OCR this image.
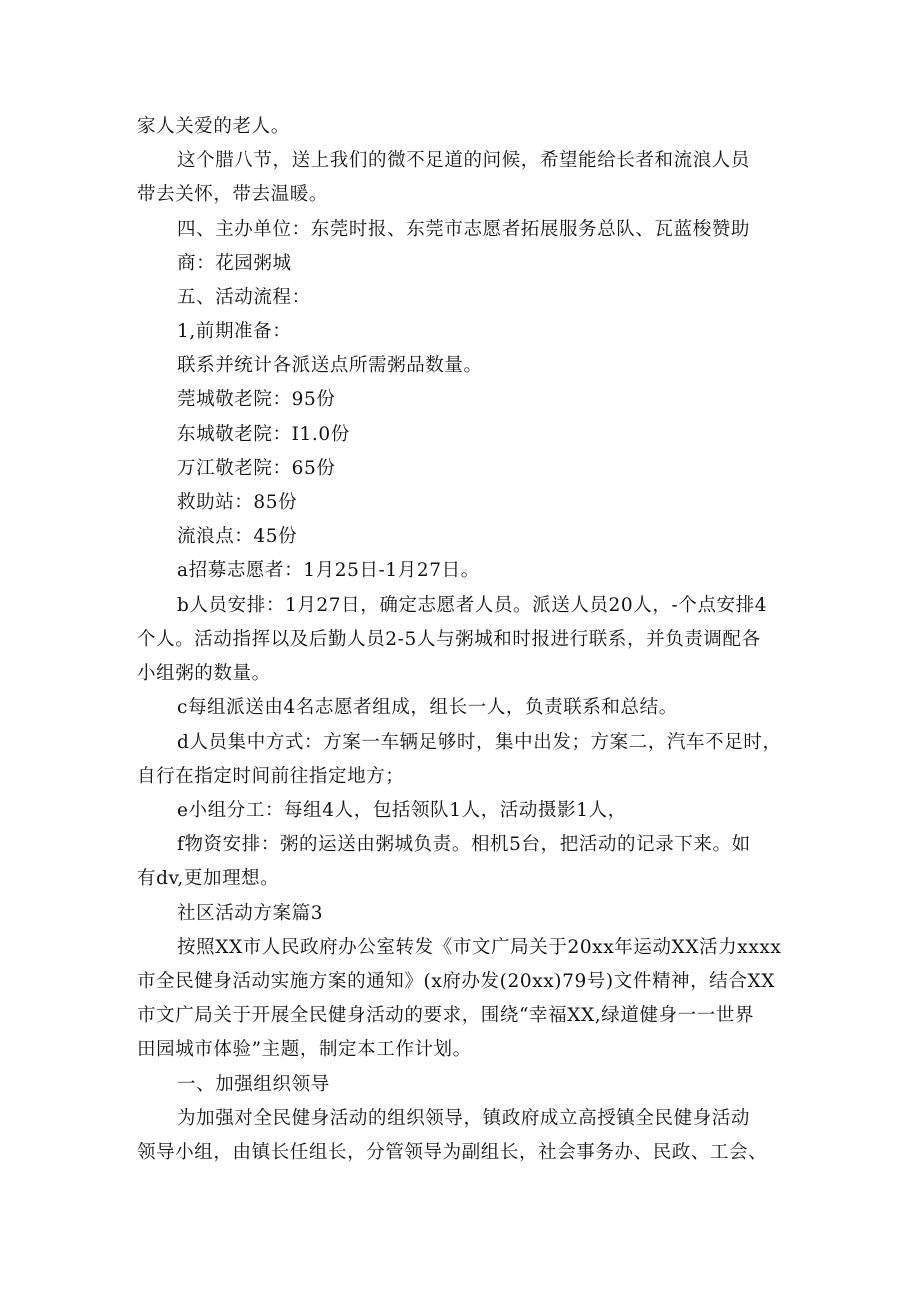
家人关爱的老人。
这个腊八节，送上我们的微不足道的问候，希望能给长者和流浪人员
带去关怀，带去温暖。
四、主办单位：东莞时报、东莞市志愿者拓展服务总队、瓦蓝梭赞助
商：花园粥城
五、活动流程：
1,前期准备：
联系并统计各派送点所需粥品数量。
莞城敬老院：95份
东城敬老院：I1.0份
万江敬老院：65份
救助站：85份
流浪点：45份
a招募志愿者：1月25日-1月27日。
b人员安排：1月27日，确定志愿者人员。派送人员20人，-个点安排4
个人。活动指挥以及后勤人员2-5人与粥城和时报进行联系，并负责调配各
小组粥的数量。
c每组派送由4名志愿者组成，组长一人，负责联系和总结。
d人员集中方式：方案一车辆足够时，集中出发；方案二，汽车不足时，
自行在指定时间前往指定地方；
e小组分工：每组4人，包括领队1人，活动摄影1人，
f物资安排：粥的运送由粥城负责。相机5台，把活动的记录下来。如
有dv,更加理想。
社区活动方案篇3
按照XX市人民政府办公室转发《市文广局关于20xx年运动XX活力xxxx
市全民健身活动实施方案的通知》(x府办发(20xx)79号)文件精神，结合XX
市文广局关于开展全民健身活动的要求，围绕“幸福XX,绿道健身一一世界
田园城市体验”主题，制定本工作计划。
一、加强组织领导
为加强对全民健身活动的组织领导，镇政府成立高授镇全民健身活动
领导小组，由镇长任组长，分管领导为副组长，社会事务办、民政、工会、
